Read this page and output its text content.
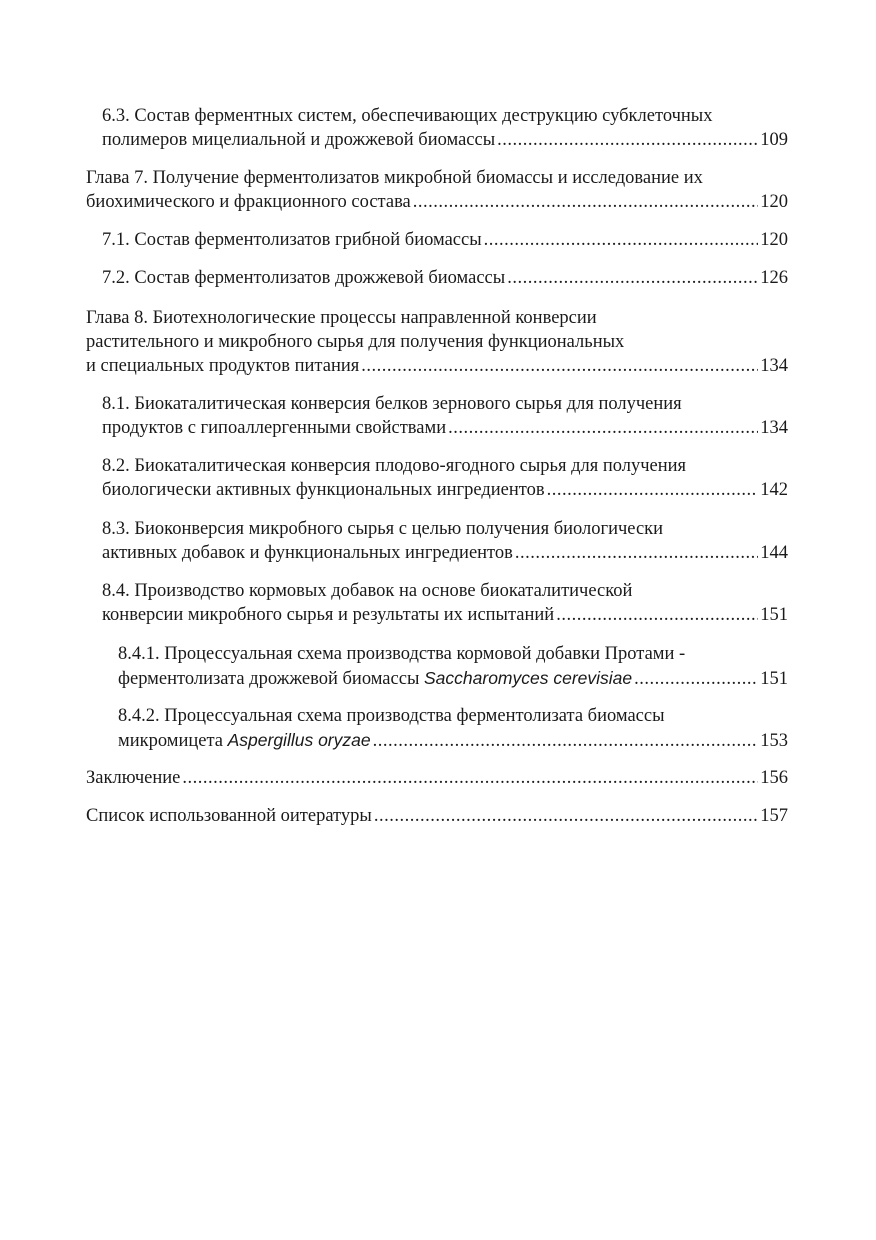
6.3. Состав ферментных систем, обеспечивающих деструкцию субклеточных
полимеров мицелиальной и дрожжевой биомассы .....	109
Глава 7. Получение ферментолизатов микробной биомассы и исследование их
биохимического и фракционного состава .....	120
7.1. Состав ферментолизатов грибной биомассы .....	120
7.2. Состав ферментолизатов дрожжевой биомассы .....	126
Глава 8. Биотехнологические процессы направленной конверсии
растительного и микробного сырья для получения функциональных
и специальных продуктов питания .....	134
8.1. Биокаталитическая конверсия белков зернового сырья для получения
продуктов с гипоаллергенными свойствами .....	134
8.2. Биокаталитическая конверсия плодово-ягодного сырья для получения
биологически активных функциональных ингредиентов .....	142
8.3. Биоконверсия микробного сырья с целью получения биологически
активных добавок и функциональных ингредиентов .....	144
8.4. Производство кормовых добавок на основе биокаталитической
конверсии микробного сырья и результаты их испытаний .....	151
8.4.1. Процессуальная схема производства кормовой добавки Протами -
ферментолизата дрожжевой биомассы Saccharomyces cerevisiae .....	151
8.4.2. Процессуальная схема производства ферментолизата биомассы
микромицета Aspergillus oryzae .....	153
Заключение .....	156
Список использованной оитературы .....	157
